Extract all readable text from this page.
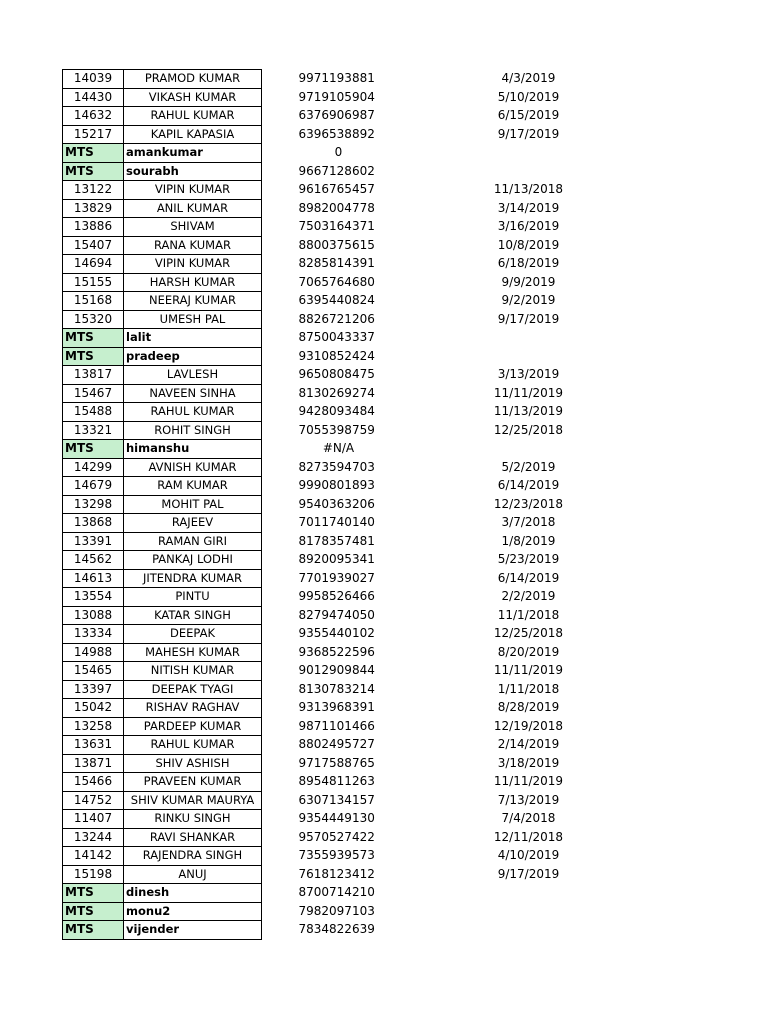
14039	PRAMOD KUMAR		9971193881		4/3/2019
14430	VIKASH KUMAR		9719105904		5/10/2019
14632	RAHUL KUMAR		6376906987		6/15/2019
15217	KAPIL KAPASIA		6396538892		9/17/2019
MTS	amankumar		0		
MTS	sourabh		9667128602		
13122	VIPIN KUMAR		9616765457		11/13/2018
13829	ANIL KUMAR		8982004778		3/14/2019
13886	SHIVAM		7503164371		3/16/2019
15407	RANA KUMAR		8800375615		10/8/2019
14694	VIPIN KUMAR		8285814391		6/18/2019
15155	HARSH KUMAR		7065764680		9/9/2019
15168	NEERAJ KUMAR		6395440824		9/2/2019
15320	UMESH PAL		8826721206		9/17/2019
MTS	lalit		8750043337		
MTS	pradeep		9310852424		
13817	LAVLESH		9650808475		3/13/2019
15467	NAVEEN SINHA		8130269274		11/11/2019
15488	RAHUL KUMAR		9428093484		11/13/2019
13321	ROHIT SINGH		7055398759		12/25/2018
MTS	himanshu		#N/A		
14299	AVNISH KUMAR		8273594703		5/2/2019
14679	RAM KUMAR		9990801893		6/14/2019
13298	MOHIT PAL		9540363206		12/23/2018
13868	RAJEEV		7011740140		3/7/2018
13391	RAMAN GIRI		8178357481		1/8/2019
14562	PANKAJ LODHI		8920095341		5/23/2019
14613	JITENDRA KUMAR		7701939027		6/14/2019
13554	PINTU		9958526466		2/2/2019
13088	KATAR SINGH		8279474050		11/1/2018
13334	DEEPAK		9355440102		12/25/2018
14988	MAHESH KUMAR		9368522596		8/20/2019
15465	NITISH KUMAR		9012909844		11/11/2019
13397	DEEPAK TYAGI		8130783214		1/11/2018
15042	RISHAV RAGHAV		9313968391		8/28/2019
13258	PARDEEP KUMAR		9871101466		12/19/2018
13631	RAHUL KUMAR		8802495727		2/14/2019
13871	SHIV ASHISH		9717588765		3/18/2019
15466	PRAVEEN KUMAR		8954811263		11/11/2019
14752	SHIV KUMAR MAURYA		6307134157		7/13/2019
11407	RINKU SINGH		9354449130		7/4/2018
13244	RAVI SHANKAR		9570527422		12/11/2018
14142	RAJENDRA SINGH		7355939573		4/10/2019
15198	ANUJ		7618123412		9/17/2019
MTS	dinesh		8700714210		
MTS	monu2		7982097103		
MTS	vijender		7834822639		
